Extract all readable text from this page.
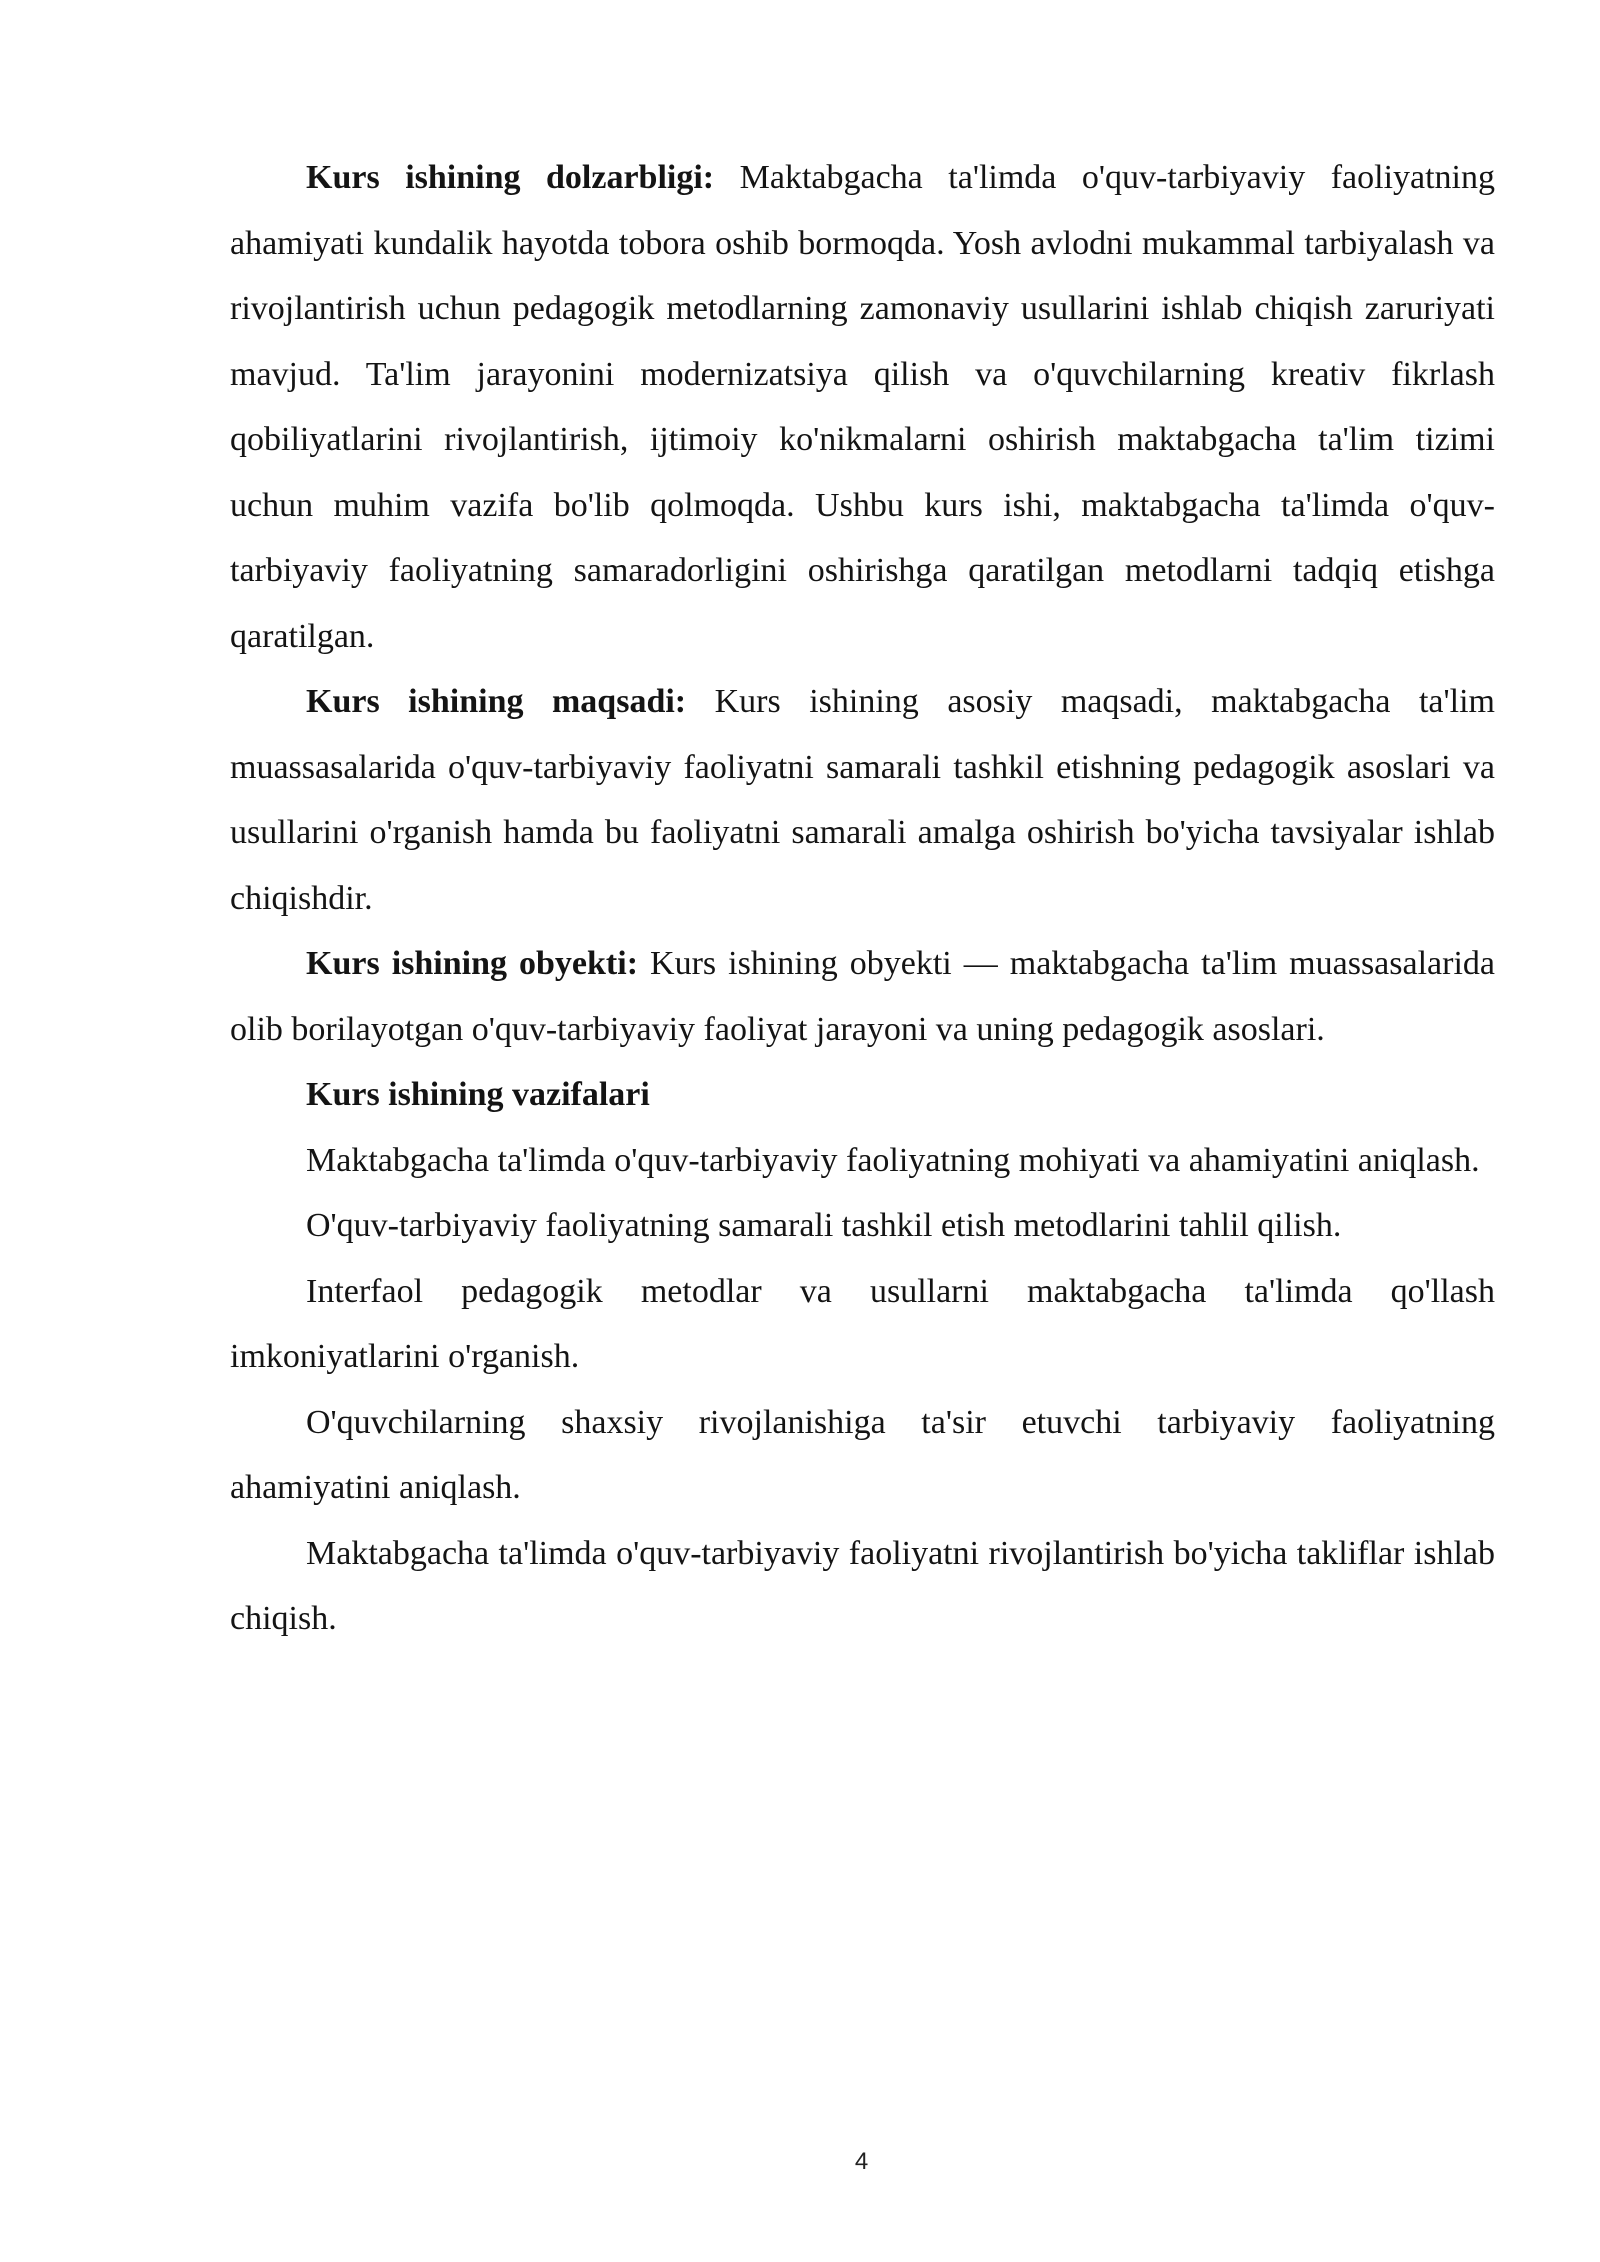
Kurs ishining dolzarbligi: Maktabgacha ta'limda o'quv-tarbiyaviy faoliyatning ahamiyati kundalik hayotda tobora oshib bormoqda. Yosh avlodni mukammal tarbiyalash va rivojlantirish uchun pedagogik metodlarning zamonaviy usullarini ishlab chiqish zaruriyati mavjud. Ta'lim jarayonini modernizatsiya qilish va o'quvchilarning kreativ fikrlash qobiliyatlarini rivojlantirish, ijtimoiy ko'nikmalarni oshirish maktabgacha ta'lim tizimi uchun muhim vazifa bo'lib qolmoqda. Ushbu kurs ishi, maktabgacha ta'limda o'quv-tarbiyaviy faoliyatning samaradorligini oshirishga qaratilgan metodlarni tadqiq etishga qaratilgan.

Kurs ishining maqsadi: Kurs ishining asosiy maqsadi, maktabgacha ta'lim muassasalarida o'quv-tarbiyaviy faoliyatni samarali tashkil etishning pedagogik asoslari va usullarini o'rganish hamda bu faoliyatni samarali amalga oshirish bo'yicha tavsiyalar ishlab chiqishdir.

Kurs ishining obyekti: Kurs ishining obyekti — maktabgacha ta'lim muassasalarida olib borilayotgan o'quv-tarbiyaviy faoliyat jarayoni va uning pedagogik asoslari.

Kurs ishining vazifalari

Maktabgacha ta'limda o'quv-tarbiyaviy faoliyatning mohiyati va ahamiyatini aniqlash.

O'quv-tarbiyaviy faoliyatning samarali tashkil etish metodlarini tahlil qilish.

Interfaol pedagogik metodlar va usullarni maktabgacha ta'limda qo'llash imkoniyatlarini o'rganish.

O'quvchilarning shaxsiy rivojlanishiga ta'sir etuvchi tarbiyaviy faoliyatning ahamiyatini aniqlash.

Maktabgacha ta'limda o'quv-tarbiyaviy faoliyatni rivojlantirish bo'yicha takliflar ishlab chiqish.

4
